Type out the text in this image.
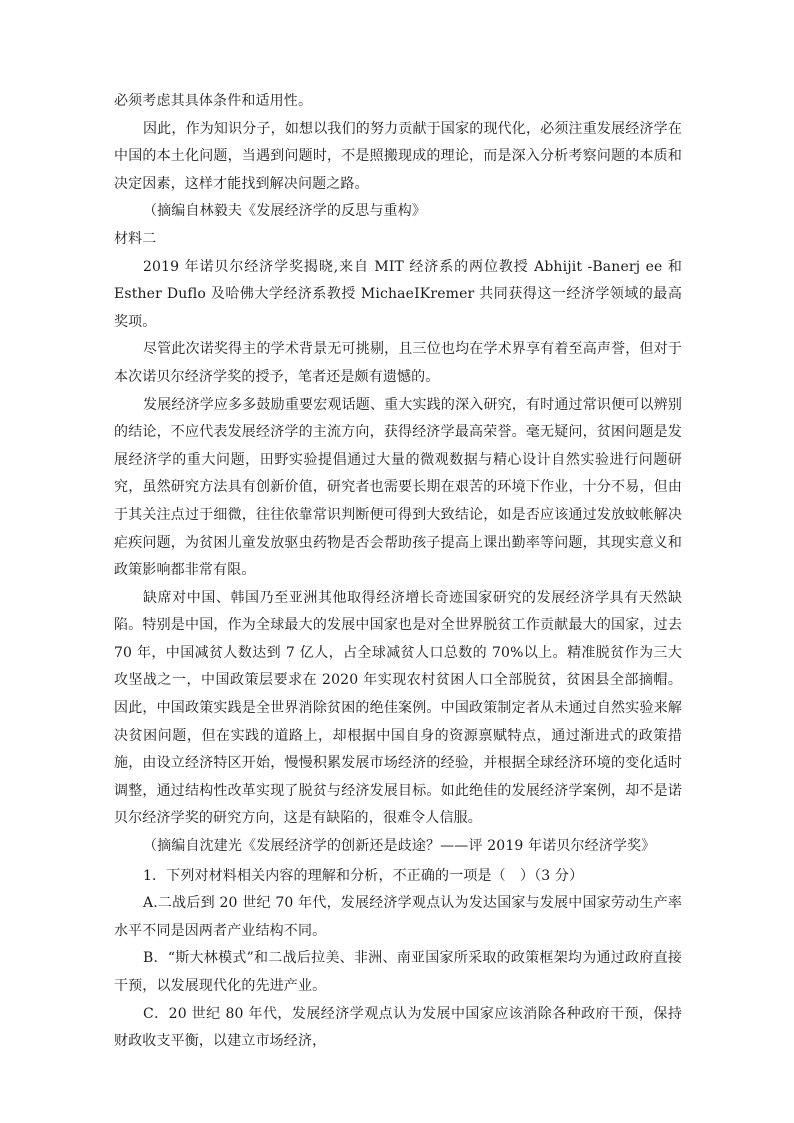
必须考虑其具体条件和适用性。

因此，作为知识分子，如想以我们的努力贡献于国家的现代化，必须注重发展经济学在中国的本土化问题，当遇到问题时，不是照搬现成的理论，而是深入分析考察问题的本质和决定因素，这样才能找到解决问题之路。

（摘编自林毅夫《发展经济学的反思与重构》

材料二

2019 年诺贝尔经济学奖揭晓,来自 MIT 经济系的两位教授 Abhijit -Banerj ee 和 Esther Duflo 及哈佛大学经济系教授 MichaeIKremer 共同获得这一经济学领域的最高奖项。

尽管此次诺奖得主的学术背景无可挑剔，且三位也均在学术界享有着至高声誉，但对于本次诺贝尔经济学奖的授予，笔者还是颇有遗憾的。

发展经济学应多多鼓励重要宏观话题、重大实践的深入研究，有时通过常识便可以辨别的结论，不应代表发展经济学的主流方向，获得经济学最高荣誉。毫无疑问，贫困问题是发展经济学的重大问题，田野实验提倡通过大量的微观数据与精心设计自然实验进行问题研究，虽然研究方法具有创新价值，研究者也需要长期在艰苦的环境下作业，十分不易，但由于其关注点过于细微，往往依靠常识判断便可得到大致结论，如是否应该通过发放蚊帐解决疟疾问题，为贫困儿童发放驱虫药物是否会帮助孩子提高上课出勤率等问题，其现实意义和政策影响都非常有限。

缺席对中国、韩国乃至亚洲其他取得经济增长奇迹国家研究的发展经济学具有天然缺陷。特别是中国，作为全球最大的发展中国家也是对全世界脱贫工作贡献最大的国家，过去 70 年，中国减贫人数达到 7 亿人，占全球减贫人口总数的 70%以上。精准脱贫作为三大攻坚战之一，中国政策层要求在 2020 年实现农村贫困人口全部脱贫，贫困县全部摘帽。因此，中国政策实践是全世界消除贫困的绝佳案例。中国政策制定者从未通过自然实验来解决贫困问题，但在实践的道路上，却根据中国自身的资源禀赋特点，通过渐进式的政策措施，由设立经济特区开始，慢慢积累发展市场经济的经验，并根据全球经济环境的变化适时调整，通过结构性改革实现了脱贫与经济发展目标。如此绝佳的发展经济学案例，却不是诺贝尔经济学奖的研究方向，这是有缺陷的，很难令人信服。

（摘编自沈建光《发展经济学的创新还是歧途？——评 2019 年诺贝尔经济学奖》

1．下列对材料相关内容的理解和分析，不正确的一项是（　）（3 分）

A.二战后到 20 世纪 70 年代，发展经济学观点认为发达国家与发展中国家劳动生产率水平不同是因两者产业结构不同。

B．“斯大林模式”和二战后拉美、非洲、南亚国家所采取的政策框架均为通过政府直接干预，以发展现代化的先进产业。

C．20 世纪 80 年代，发展经济学观点认为发展中国家应该消除各种政府干预，保持财政收支平衡，以建立市场经济，
